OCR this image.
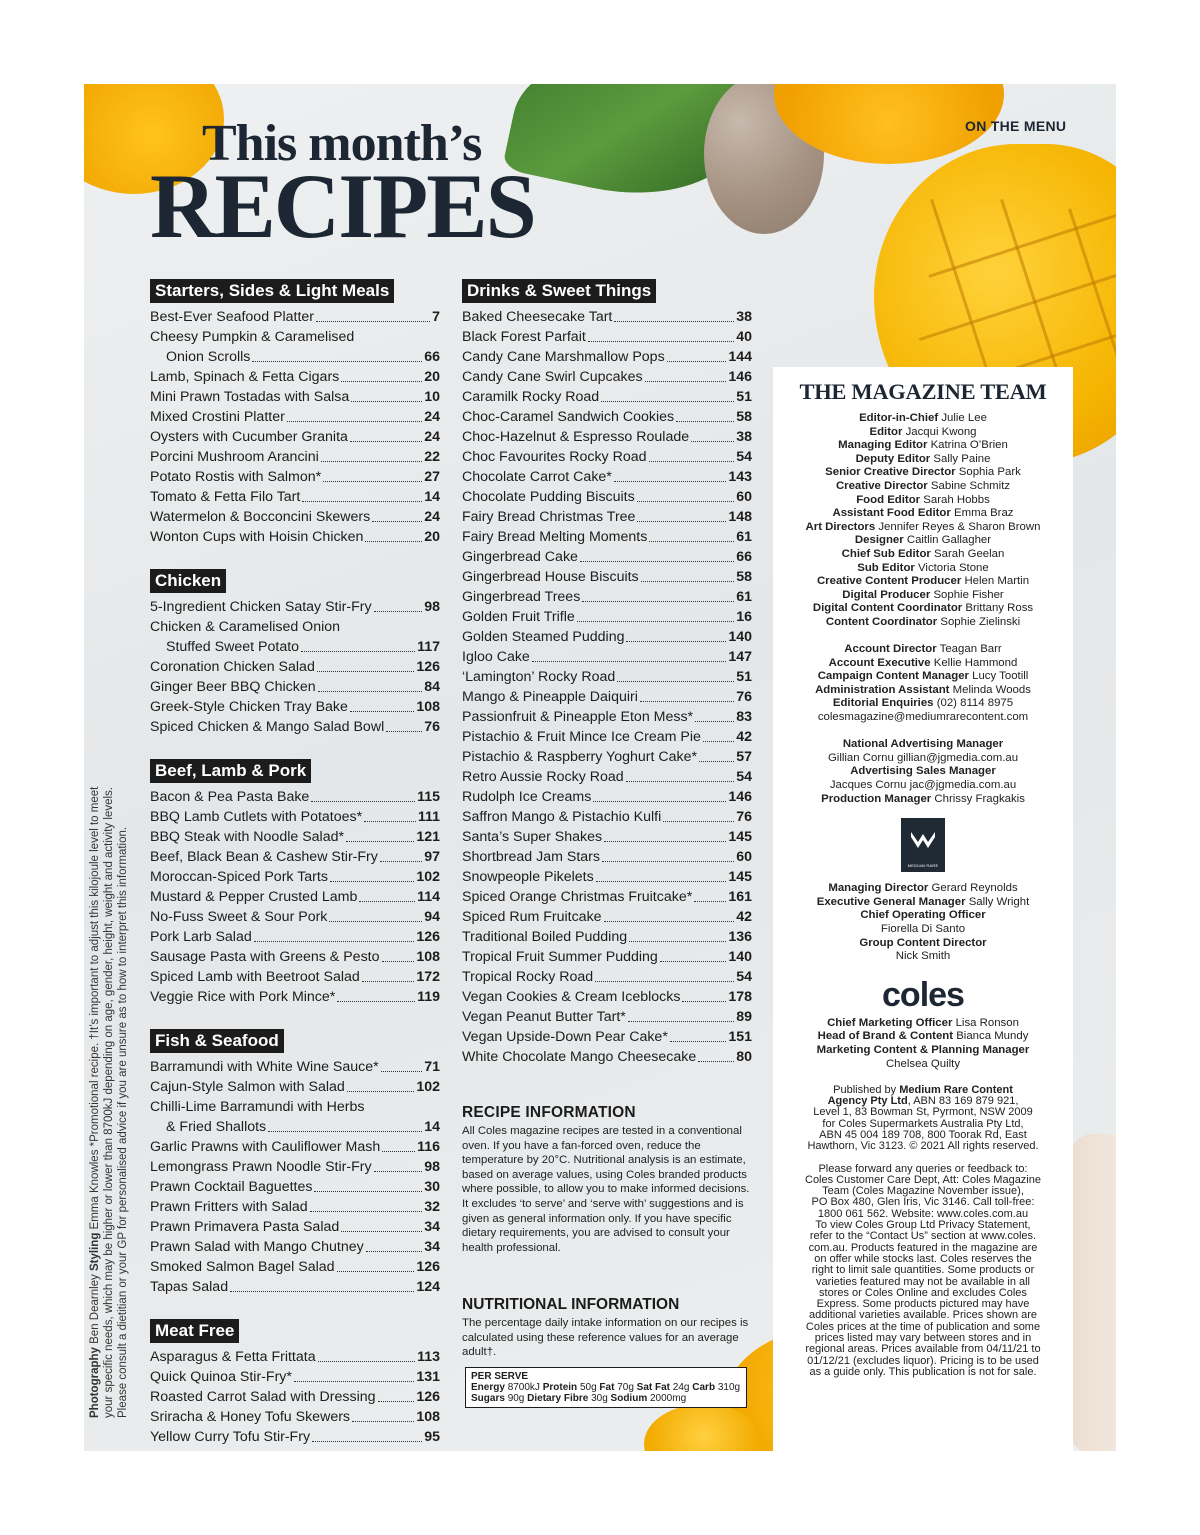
This month’s
RECIPES
ON THE MENU
Photography Ben Dearnley Styling Emma Knowles *Promotional recipe. †It’s important to adjust this kilojoule level to meet your specific needs, which may be higher or lower than 8700kJ depending on age, gender, height, weight and activity levels. Please consult a dietitian or your GP for personalised advice if you are unsure as to how to interpret this information.
Starters, Sides & Light Meals
Best-Ever Seafood Platter	7
Cheesy Pumpkin & Caramelised
Onion Scrolls	66
Lamb, Spinach & Fetta Cigars	20
Mini Prawn Tostadas with Salsa	10
Mixed Crostini Platter	24
Oysters with Cucumber Granita	24
Porcini Mushroom Arancini	22
Potato Rostis with Salmon*	27
Tomato & Fetta Filo Tart	14
Watermelon & Bocconcini Skewers	24
Wonton Cups with Hoisin Chicken	20
Chicken
5-Ingredient Chicken Satay Stir-Fry	98
Chicken & Caramelised Onion
Stuffed Sweet Potato	117
Coronation Chicken Salad	126
Ginger Beer BBQ Chicken	84
Greek-Style Chicken Tray Bake	108
Spiced Chicken & Mango Salad Bowl	76
Beef, Lamb & Pork
Bacon & Pea Pasta Bake	115
BBQ Lamb Cutlets with Potatoes*	111
BBQ Steak with Noodle Salad*	121
Beef, Black Bean & Cashew Stir-Fry	97
Moroccan-Spiced Pork Tarts	102
Mustard & Pepper Crusted Lamb	114
No-Fuss Sweet & Sour Pork	94
Pork Larb Salad	126
Sausage Pasta with Greens & Pesto	108
Spiced Lamb with Beetroot Salad	172
Veggie Rice with Pork Mince*	119
Fish & Seafood
Barramundi with White Wine Sauce*	71
Cajun-Style Salmon with Salad	102
Chilli-Lime Barramundi with Herbs
& Fried Shallots	14
Garlic Prawns with Cauliflower Mash	116
Lemongrass Prawn Noodle Stir-Fry	98
Prawn Cocktail Baguettes	30
Prawn Fritters with Salad	32
Prawn Primavera Pasta Salad	34
Prawn Salad with Mango Chutney	34
Smoked Salmon Bagel Salad	126
Tapas Salad	124
Meat Free
Asparagus & Fetta Frittata	113
Quick Quinoa Stir-Fry*	131
Roasted Carrot Salad with Dressing	126
Sriracha & Honey Tofu Skewers	108
Yellow Curry Tofu Stir-Fry	95
Drinks & Sweet Things
Baked Cheesecake Tart	38
Black Forest Parfait	40
Candy Cane Marshmallow Pops	144
Candy Cane Swirl Cupcakes	146
Caramilk Rocky Road	51
Choc-Caramel Sandwich Cookies	58
Choc-Hazelnut & Espresso Roulade	38
Choc Favourites Rocky Road	54
Chocolate Carrot Cake*	143
Chocolate Pudding Biscuits	60
Fairy Bread Christmas Tree	148
Fairy Bread Melting Moments	61
Gingerbread Cake	66
Gingerbread House Biscuits	58
Gingerbread Trees	61
Golden Fruit Trifle	16
Golden Steamed Pudding	140
Igloo Cake	147
‘Lamington’ Rocky Road	51
Mango & Pineapple Daiquiri	76
Passionfruit & Pineapple Eton Mess*	83
Pistachio & Fruit Mince Ice Cream Pie 42
Pistachio & Raspberry Yoghurt Cake*	57
Retro Aussie Rocky Road	54
Rudolph Ice Creams	146
Saffron Mango & Pistachio Kulfi	76
Santa’s Super Shakes	145
Shortbread Jam Stars	60
Snowpeople Pikelets	145
Spiced Orange Christmas Fruitcake*	161
Spiced Rum Fruitcake	42
Traditional Boiled Pudding	136
Tropical Fruit Summer Pudding	140
Tropical Rocky Road	54
Vegan Cookies & Cream Iceblocks	178
Vegan Peanut Butter Tart*	89
Vegan Upside-Down Pear Cake*	151
White Chocolate Mango Cheesecake	80
RECIPE INFORMATION

All Coles magazine recipes are tested in a conventional oven. If you have a fan-forced oven, reduce the temperature by 20°C. Nutritional analysis is an estimate, based on average values, using Coles branded products where possible, to allow you to make informed decisions. It excludes ‘to serve’ and ‘serve with’ suggestions and is given as general information only. If you have specific dietary requirements, you are advised to consult your health professional.

NUTRITIONAL INFORMATION

The percentage daily intake information on our recipes is calculated using these reference values for an average adult†.

PER SERVE
Energy 8700kJ Protein 50g Fat 70g Sat Fat 24g Carb 310g Sugars 90g Dietary Fibre 30g Sodium 2000mg
THE MAGAZINE TEAM
Editor-in-Chief Julie Lee
Editor Jacqui Kwong
Managing Editor Katrina O’Brien
Deputy Editor Sally Paine
Senior Creative Director Sophia Park
Creative Director Sabine Schmitz
Food Editor Sarah Hobbs
Assistant Food Editor Emma Braz
Art Directors Jennifer Reyes & Sharon Brown
Designer Caitlin Gallagher
Chief Sub Editor Sarah Geelan
Sub Editor Victoria Stone
Creative Content Producer Helen Martin
Digital Producer Sophie Fisher
Digital Content Coordinator Brittany Ross
Content Coordinator Sophie Zielinski
Account Director Teagan Barr
Account Executive Kellie Hammond
Campaign Content Manager Lucy Tootill
Administration Assistant Melinda Woods
Editorial Enquiries (02) 8114 8975
colesmagazine@mediumrarecontent.com
National Advertising Manager
Gillian Cornu gillian@jgmedia.com.au
Advertising Sales Manager
Jacques Cornu jac@jgmedia.com.au
Production Manager Chrissy Fragkakis
MEDIUM RARE
Managing Director Gerard Reynolds
Executive General Manager Sally Wright
Chief Operating Officer
Fiorella Di Santo
Group Content Director
Nick Smith
coles
Chief Marketing Officer Lisa Ronson
Head of Brand & Content Bianca Mundy
Marketing Content & Planning Manager
Chelsea Quilty
Published by Medium Rare Content
Agency Pty Ltd, ABN 83 169 879 921,
Level 1, 83 Bowman St, Pyrmont, NSW 2009
for Coles Supermarkets Australia Pty Ltd,
ABN 45 004 189 708, 800 Toorak Rd, East
Hawthorn, Vic 3123. © 2021 All rights reserved.
Please forward any queries or feedback to:
Coles Customer Care Dept, Att: Coles Magazine
Team (Coles Magazine November issue),
PO Box 480, Glen Iris, Vic 3146. Call toll-free:
1800 061 562. Website: www.coles.com.au
To view Coles Group Ltd Privacy Statement,
refer to the “Contact Us” section at www.coles.
com.au. Products featured in the magazine are
on offer while stocks last. Coles reserves the
right to limit sale quantities. Some products or
varieties featured may not be available in all
stores or Coles Online and excludes Coles
Express. Some products pictured may have
additional varieties available. Prices shown are
Coles prices at the time of publication and some
prices listed may vary between stores and in
regional areas. Prices available from 04/11/21 to
01/12/21 (excludes liquor). Pricing is to be used
as a guide only. This publication is not for sale.
